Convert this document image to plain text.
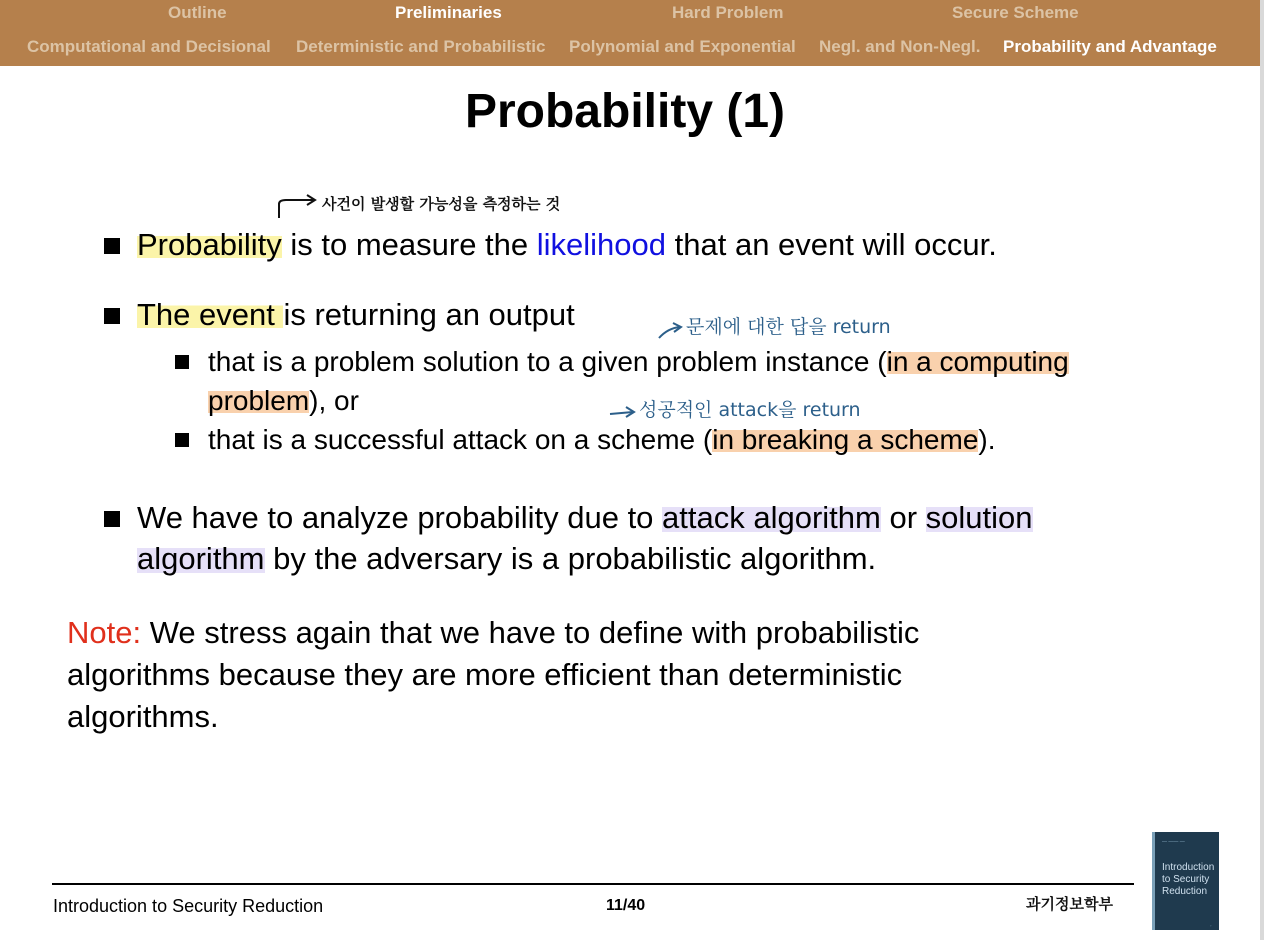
Outline	Preliminaries	Hard Problem	Secure Scheme
Computational and Decisional Deterministic and Probabilistic Polynomial and Exponential Negl. and Non-Negl. Probability and Advantage
Probability (1)
사건이 발생할 가능성을 측정하는 것
Probability is to measure the likelihood that an event will occur.
The event is returning an output	문제에 대한 답을 return
that is a problem solution to a given problem instance (in a computing
problem), or	성공적인 attack을 return
that is a successful attack on a scheme (in breaking a scheme).
We have to analyze probability due to attack algorithm or solution
algorithm by the adversary is a probabilistic algorithm.
Note: We stress again that we have to define with probabilistic
algorithms because they are more efficient than deterministic
algorithms.
Introduction to Security Reduction	11/40	과기정보학부
— —— —
Introduction to Security Reduction
◦
